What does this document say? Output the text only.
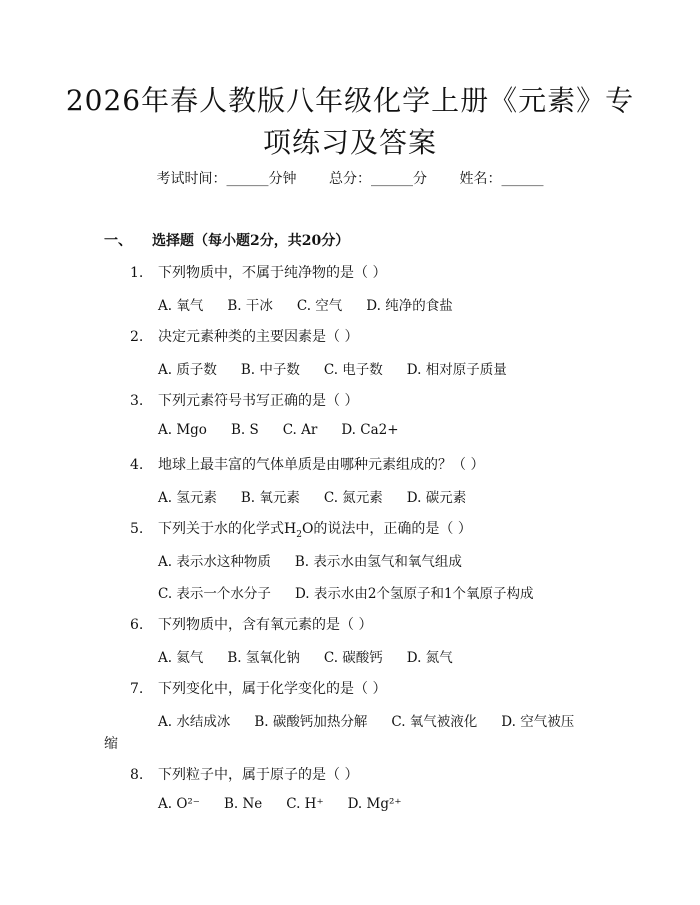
2026年春人教版八年级化学上册《元素》专
项练习及答案
考试时间：______分钟 总分：______分 姓名：______
一、 选择题（每小题2分，共20分）
1. 下列物质中，不属于纯净物的是（ ）
A. 氧气 B. 干冰 C. 空气 D. 纯净的食盐
2. 决定元素种类的主要因素是（ ）
A. 质子数 B. 中子数 C. 电子数 D. 相对原子质量
3. 下列元素符号书写正确的是（ ）
A. Mgo B. S C. Ar D. Ca2+
4. 地球上最丰富的气体单质是由哪种元素组成的？（ ）
A. 氢元素 B. 氧元素 C. 氮元素 D. 碳元素
5. 下列关于水的化学式$H_2O$的说法中，正确的是（ ）
A. 表示水这种物质 B. 表示水由氢气和氧气组成
C. 表示一个水分子 D. 表示水由2个氢原子和1个氧原子构成
6. 下列物质中，含有氧元素的是（ ）
A. 氦气 B. 氢氧化钠 C. 碳酸钙 D. 氮气
7. 下列变化中，属于化学变化的是（ ）
A. 水结成冰 B. 碳酸钙加热分解 C. 氧气被液化 D. 空气被压
缩
8. 下列粒子中，属于原子的是（ ）
A. O²⁻ B. Ne C. H⁺ D. Mg²⁺
